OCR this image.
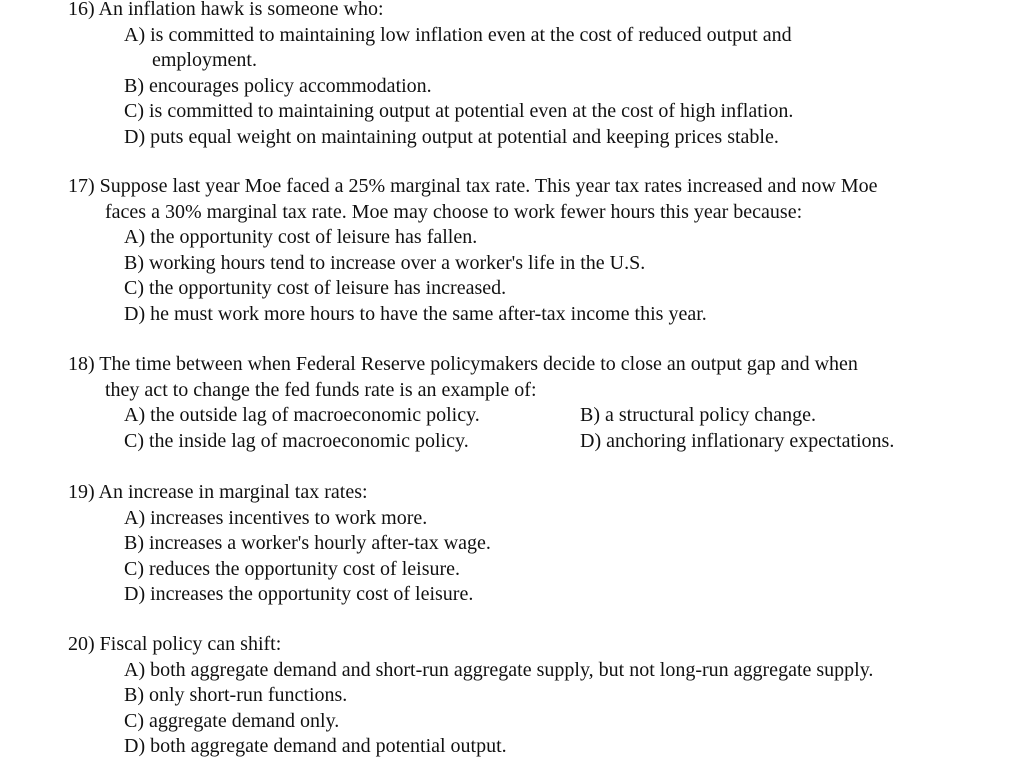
16) An inflation hawk is someone who:
A) is committed to maintaining low inflation even at the cost of reduced output and
employment.
B) encourages policy accommodation.
C) is committed to maintaining output at potential even at the cost of high inflation.
D) puts equal weight on maintaining output at potential and keeping prices stable.
17) Suppose last year Moe faced a 25% marginal tax rate. This year tax rates increased and now Moe
faces a 30% marginal tax rate. Moe may choose to work fewer hours this year because:
A) the opportunity cost of leisure has fallen.
B) working hours tend to increase over a worker's life in the U.S.
C) the opportunity cost of leisure has increased.
D) he must work more hours to have the same after-tax income this year.
18) The time between when Federal Reserve policymakers decide to close an output gap and when
they act to change the fed funds rate is an example of:
A) the outside lag of macroeconomic policy.	B) a structural policy change.
C) the inside lag of macroeconomic policy.	D) anchoring inflationary expectations.
19) An increase in marginal tax rates:
A) increases incentives to work more.
B) increases a worker's hourly after-tax wage.
C) reduces the opportunity cost of leisure.
D) increases the opportunity cost of leisure.
20) Fiscal policy can shift:
A) both aggregate demand and short-run aggregate supply, but not long-run aggregate supply.
B) only short-run functions.
C) aggregate demand only.
D) both aggregate demand and potential output.
